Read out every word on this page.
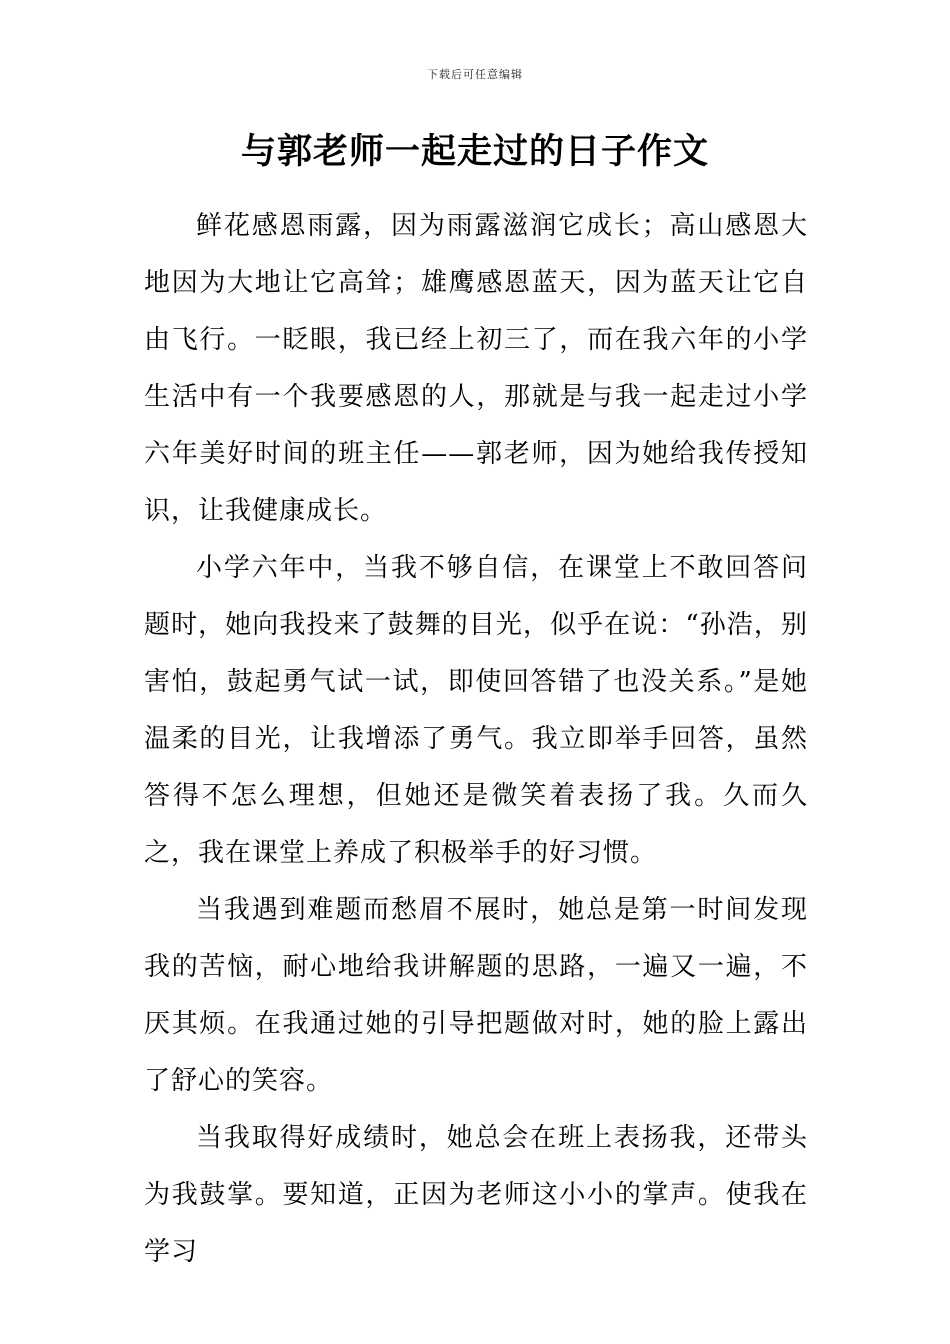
下载后可任意编辑
与郭老师一起走过的日子作文

鲜花感恩雨露，因为雨露滋润它成长；高山感恩大地因为大地让它高耸；雄鹰感恩蓝天，因为蓝天让它自由飞行。一眨眼，我已经上初三了，而在我六年的小学生活中有一个我要感恩的人，那就是与我一起走过小学六年美好时间的班主任——郭老师，因为她给我传授知识，让我健康成长。

小学六年中，当我不够自信，在课堂上不敢回答问题时，她向我投来了鼓舞的目光，似乎在说：“孙浩，别害怕，鼓起勇气试一试，即使回答错了也没关系。”是她温柔的目光，让我增添了勇气。我立即举手回答，虽然答得不怎么理想，但她还是微笑着表扬了我。久而久之，我在课堂上养成了积极举手的好习惯。

当我遇到难题而愁眉不展时，她总是第一时间发现我的苦恼，耐心地给我讲解题的思路，一遍又一遍，不厌其烦。在我通过她的引导把题做对时，她的脸上露出了舒心的笑容。

当我取得好成绩时，她总会在班上表扬我，还带头为我鼓掌。要知道，正因为老师这小小的掌声。使我在学习
